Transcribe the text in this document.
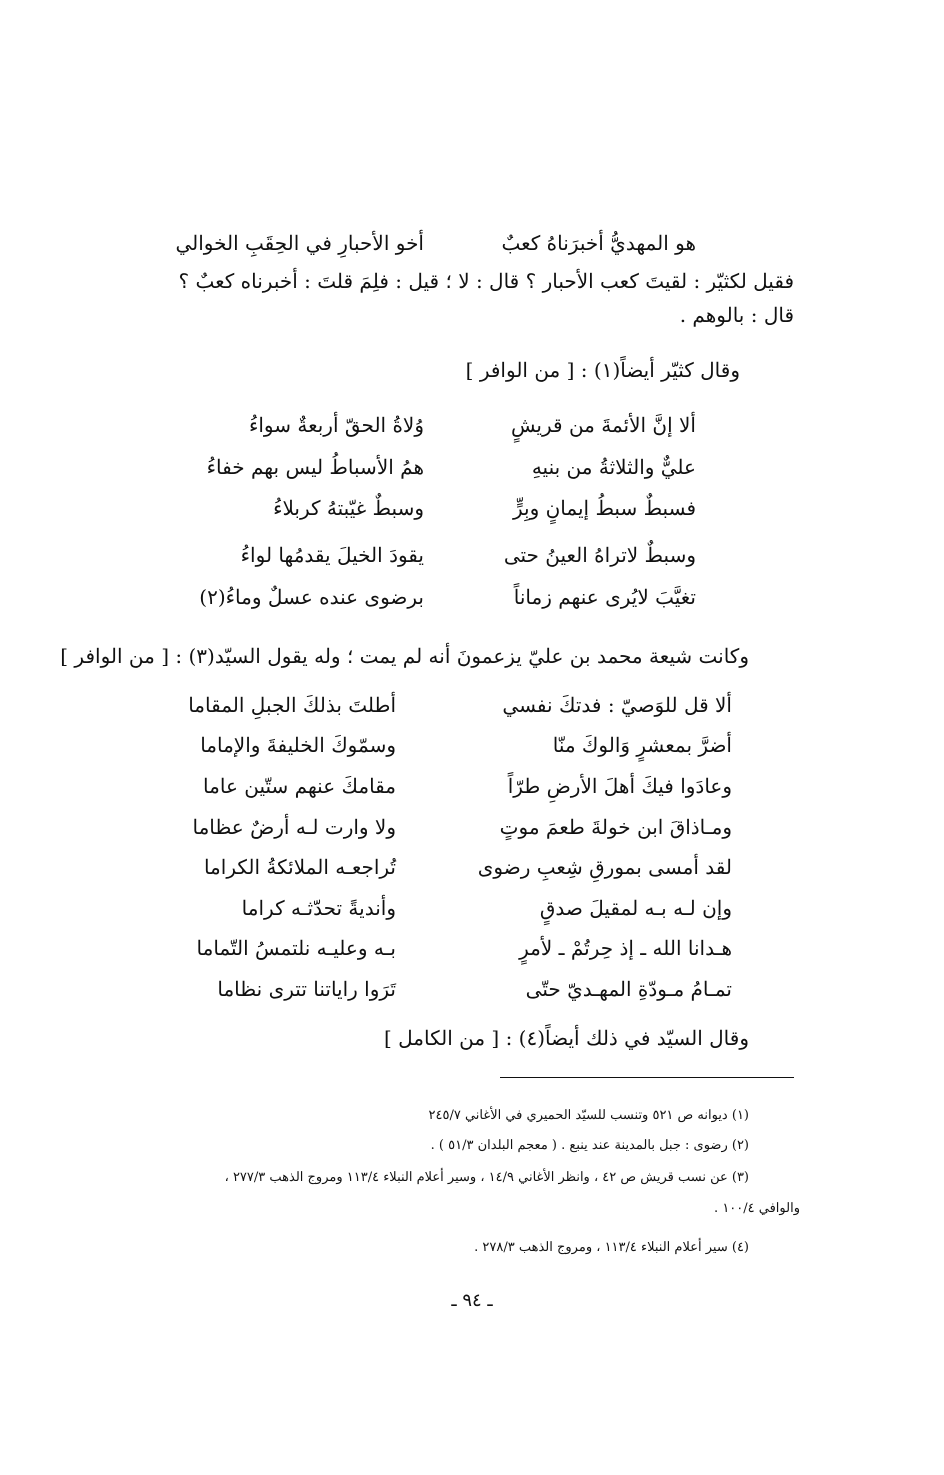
هو المهديُّ أخبرَناهُ كعبٌ
أخو الأحبارِ في الحِقَبِ الخوالي
فقيل لكثيّر : لقيتَ كعب الأحبار ؟ قال : لا ؛ قيل : فلِمَ قلتَ : أخبرناه كعبٌ ؟
قال : بالوهم .
وقال كثيّر أيضاً(١) : [ من الوافر ]
ألا إنَّ الأئمةَ من قريشٍ
وُلاةُ الحقّ أربعةٌ سواءُ
عليٌّ والثلاثةُ من بنيهِ
همُ الأسباطُ ليس بهم خفاءُ
فسبطٌ سبطُ إيمانٍ وبِرٍّ
وسبطٌ غيّبتهُ كربلاءُ
وسبطٌ لاتراهُ العينُ حتى
يقودَ الخيلَ يقدمُها لواءُ
تغيَّبَ لايُرى عنهم زماناً
برضوى عنده عسلٌ وماءُ(٢)
وكانت شيعة محمد بن عليّ يزعمونَ أنه لم يمت ؛ وله يقول السيّد(٣) : [ من الوافر ]
ألا قل للوَصيّ : فدتكَ نفسي
أطلتَ بذلكَ الجبلِ المقاما
أضرَّ بمعشرٍ وَالوكَ منّا
وسمّوكَ الخليفةَ والإماما
وعادَوا فيكَ أهلَ الأرضِ طرّاً
مقامكَ عنهم ستّين عاما
ومـاذاقَ ابن خولةَ طعمَ موتٍ
ولا وارت لـه أرضٌ عظاما
لقد أمسى بمورقِ شِعبِ رضوى
تُراجعـه الملائكةُ الكراما
وإن لـه بـه لمقيلَ صدقٍ
وأنديةً تحدّثـه كراما
هـدانا الله ـ إذ حِرتُمْ ـ لأمرٍ
بـه وعليـه نلتمسُ التّماما
تمـامُ مـودّةِ المهـديّ حتّى
تَرَوا راياتنا تترى نظاما
وقال السيّد في ذلك أيضاً(٤) : [ من الكامل ]
(١) ديوانه ص ٥٢١ وتنسب للسيّد الحميري في الأغاني ٢٤٥/٧
(٢) رضوى : جبل بالمدينة عند ينبع . ( معجم البلدان ٥١/٣ ) .
(٣) عن نسب قريش ص ٤٢ ، وانظر الأغاني ١٤/٩ ، وسير أعلام النبلاء ١١٣/٤ ومروج الذهب ٢٧٧/٣ ،
والوافي ١٠٠/٤ .
(٤) سير أعلام النبلاء ١١٣/٤ ، ومروج الذهب ٢٧٨/٣ .
ـ ٩٤ ـ
